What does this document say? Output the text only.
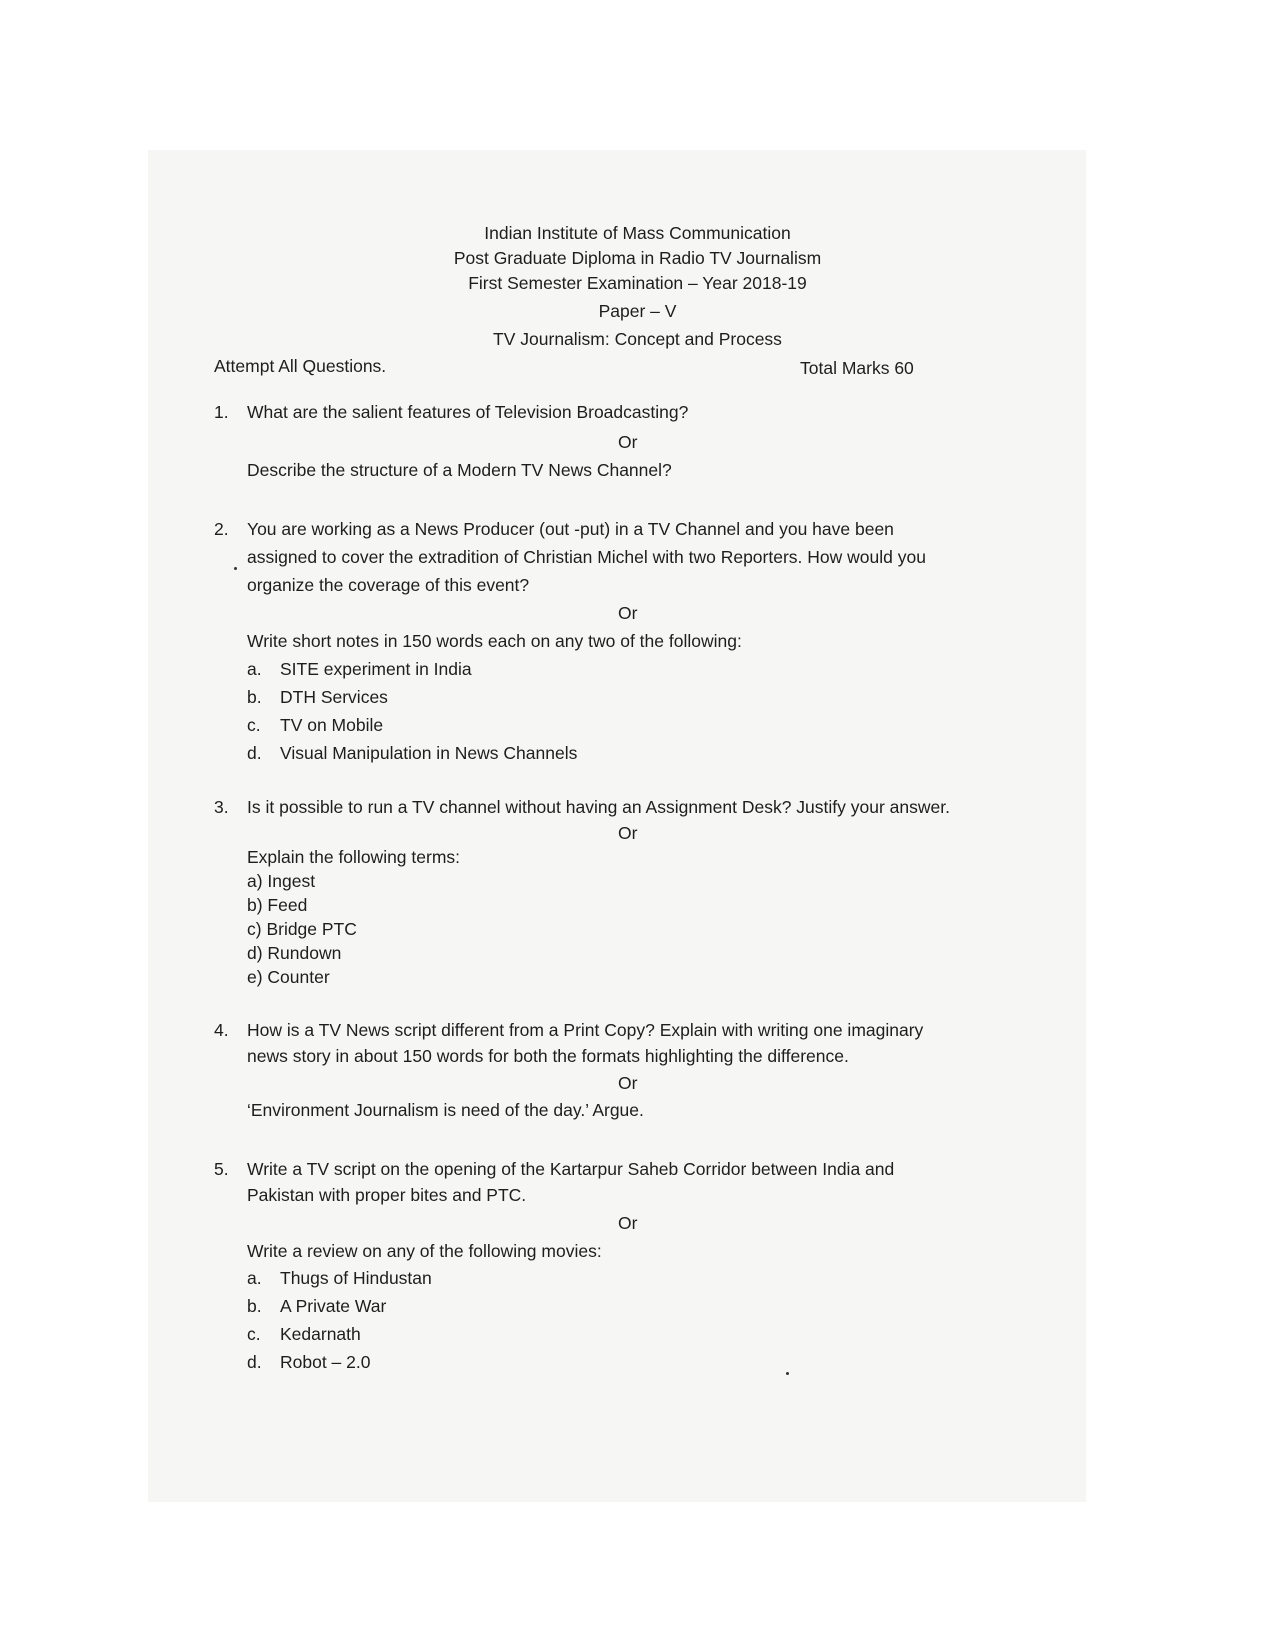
Indian Institute of Mass Communication
Post Graduate Diploma in Radio TV Journalism
First Semester Examination – Year 2018-19
Paper – V
TV Journalism: Concept and Process
Attempt All Questions.	Total Marks 60
1. What are the salient features of Television Broadcasting?
Or
Describe the structure of a Modern TV News Channel?
2. You are working as a News Producer (out -put) in a TV Channel and you have been
assigned to cover the extradition of Christian Michel with two Reporters. How would you
organize the coverage of this event?
Or
Write short notes in 150 words each on any two of the following:
a. SITE experiment in India
b. DTH Services
c. TV on Mobile
d. Visual Manipulation in News Channels
3. Is it possible to run a TV channel without having an Assignment Desk? Justify your answer.
Or
Explain the following terms:
a) Ingest
b) Feed
c) Bridge PTC
d) Rundown
e) Counter
4. How is a TV News script different from a Print Copy? Explain with writing one imaginary
news story in about 150 words for both the formats highlighting the difference.
Or
‘Environment Journalism is need of the day.’ Argue.
5. Write a TV script on the opening of the Kartarpur Saheb Corridor between India and
Pakistan with proper bites and PTC.
Or
Write a review on any of the following movies:
a. Thugs of Hindustan
b. A Private War
c. Kedarnath
d. Robot – 2.0
